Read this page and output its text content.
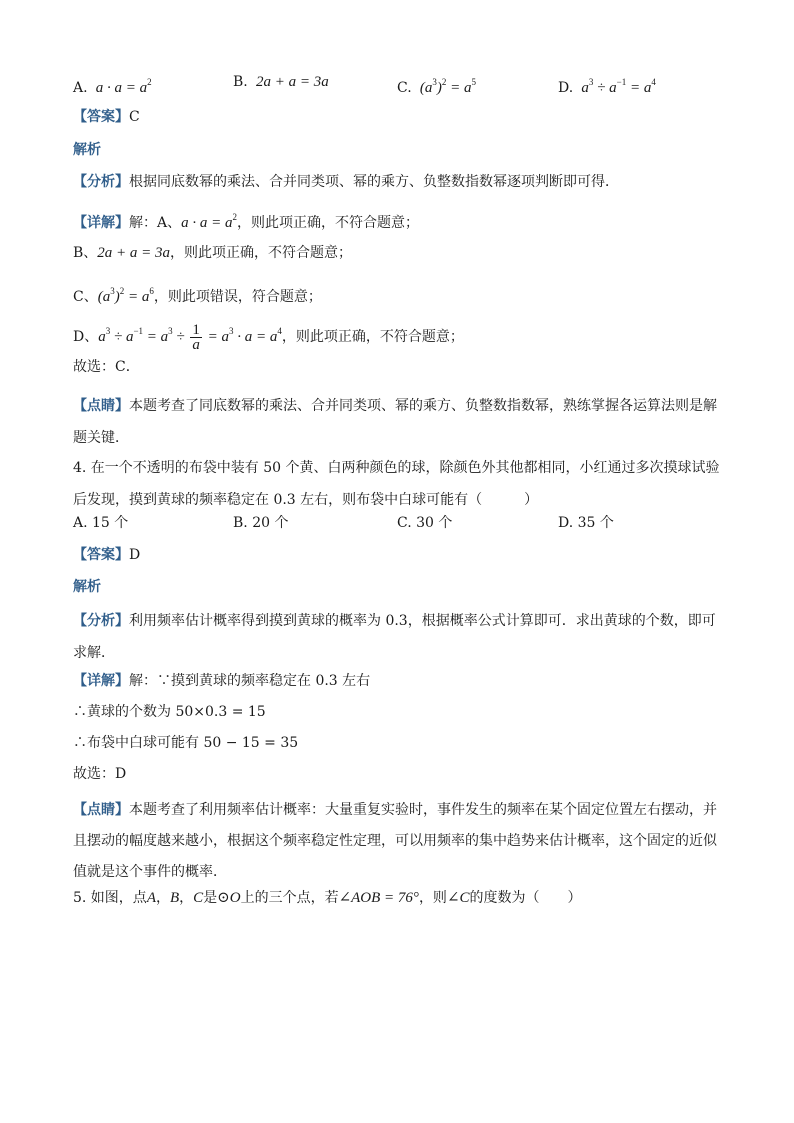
A.  $a \cdot a = a^2$	B.  2a + a = 3a	C.  $(a^3)^2 = a^5$	D.  $a^3 \div a^{-1} = a^4$
【答案】C
解析
【分析】根据同底数幂的乘法、合并同类项、幂的乘方、负整数指数幂逐项判断即可得．
【详解】解：A、$a \cdot a = a^2$，则此项正确，不符合题意；
B、2a + a = 3a，则此项正确，不符合题意；
C、$(a^3)^2 = a^6$，则此项错误，符合题意；
D、$a^3 \div a^{-1} = a^3 \div \frac{1}{a} = a^3 \cdot a = a^4$，则此项正确，不符合题意；
故选：C．
【点睛】本题考查了同底数幂的乘法、合并同类项、幂的乘方、负整数指数幂，熟练掌握各运算法则是解题关键．
4. 在一个不透明的布袋中装有 50 个黄、白两种颜色的球，除颜色外其他都相同，小红通过多次摸球试验后发现，摸到黄球的频率稳定在 0.3 左右，则布袋中白球可能有（　　　）
A. 15 个	B. 20 个	C. 30 个	D. 35 个
【答案】D
解析
【分析】利用频率估计概率得到摸到黄球的概率为 0.3，根据概率公式计算即可．求出黄球的个数，即可求解．
【详解】解：∵摸到黄球的频率稳定在 0.3 左右
∴黄球的个数为 50×0.3 = 15
∴布袋中白球可能有 50 − 15 = 35
故选：D
【点睛】本题考查了利用频率估计概率：大量重复实验时，事件发生的频率在某个固定位置左右摆动，并且摆动的幅度越来越小，根据这个频率稳定性定理，可以用频率的集中趋势来估计概率，这个固定的近似值就是这个事件的概率．
5. 如图，点A，B，C是⊙O上的三个点，若∠AOB = 76°，则∠C的度数为（　　）
